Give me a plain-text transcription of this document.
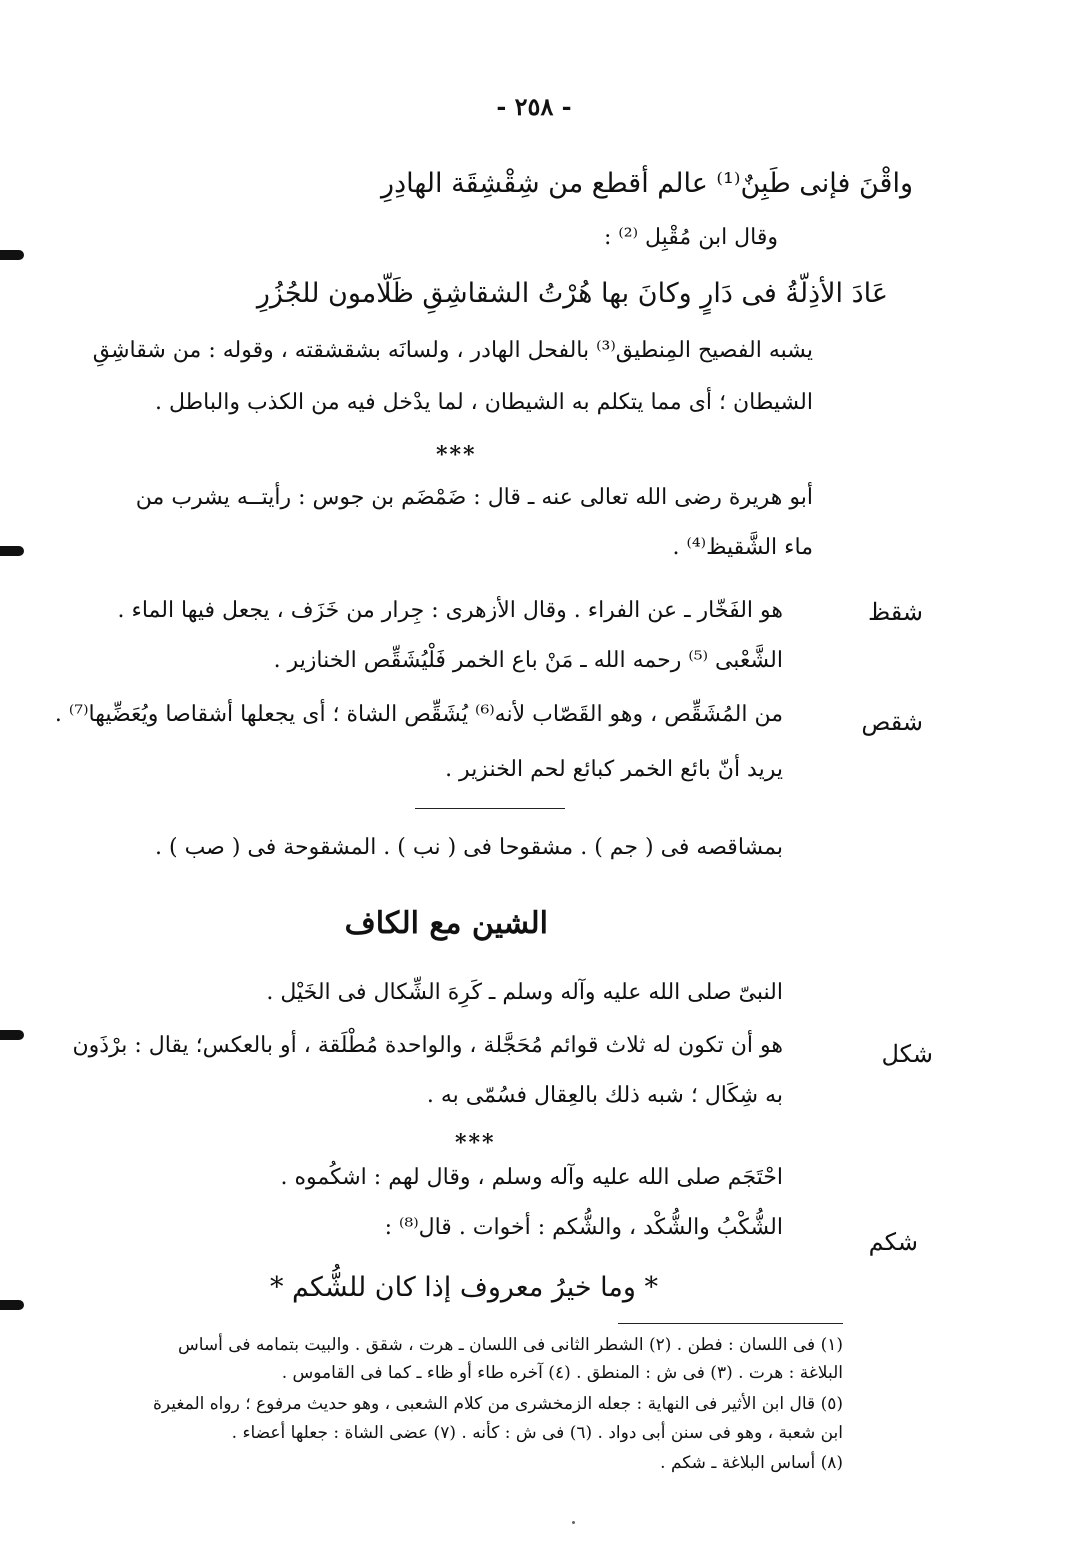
- ٢٥٨ -
واقْنَ فإنى طَبِنٌ⁽¹⁾ عالم أقطع من شِقْشِقَة الهادِرِ
وقال ابن مُقْبِل ⁽²⁾ :
عَادَ الأذِلّةُ فى دَارٍ وكانَ بها هُرْتُ الشقاشِقِ ظَلّامون للجُزُرِ
يشبه الفصيح المِنطيق⁽³⁾ بالفحل الهادر ، ولسانَه بشقشقته ، وقوله : من شقاشِقِ
الشيطان ؛ أى مما يتكلم به الشيطان ، لما يدْخل فيه من الكذب والباطل .
***
أبو هريرة رضى الله تعالى عنه ـ قال : ضَمْضَم بن جوس : رأيتــه يشرب من
ماء الشَّقيظ⁽⁴⁾ .
شقظ
هو الفَخّار ـ عن الفراء . وقال الأزهرى : جِرار من خَزَف ، يجعل فيها الماء .
الشَّعْبى ⁽⁵⁾ رحمه الله ـ مَنْ باع الخمر فَلْيُشَقِّص الخنازير .
شقص
من المُشَقِّص ، وهو القَصّاب لأنه⁽⁶⁾ يُشَقِّص الشاة ؛ أى يجعلها أشقاصا ويُعَضِّيها⁽⁷⁾ .
يريد أنّ بائع الخمر كبائع لحم الخنزير .
بمشاقصه فى ( جم ) . مشقوحا فى ( نب ) . المشقوحة فى ( صب ) .
الشين مع الكاف
النبىّ صلى الله عليه وآله وسلم ـ كَرِهَ الشِّكال فى الخَيْل .
شكل
هو أن تكون له ثلاث قوائم مُحَجَّلة ، والواحدة مُطْلَقة ، أو بالعكس؛ يقال : برْذَون
به شِكَال ؛ شبه ذلك بالعِقال فسُمّى به .
***
احْتَجَم صلى الله عليه وآله وسلم ، وقال لهم : اشكُموه .
شكم
الشُّكْبُ والشُّكْد ، والشُّكم : أخوات . قال⁽⁸⁾ :
* وما خيرُ معروف إذا كان للشُّكم *
(١) فى اللسان : فطن . (٢) الشطر الثانى فى اللسان ـ هرت ، شقق . والبيت بتمامه فى أساس
البلاغة : هرت . (٣) فى ش : المنطق . (٤) آخره طاء أو ظاء ـ كما فى القاموس .
(٥) قال ابن الأثير فى النهاية : جعله الزمخشرى من كلام الشعبى ، وهو حديث مرفوع ؛ رواه المغيرة
ابن شعبة ، وهو فى سنن أبى دواد . (٦) فى ش : كأنه . (٧) عضى الشاة : جعلها أعضاء .
(٨) أساس البلاغة ـ شكم .
